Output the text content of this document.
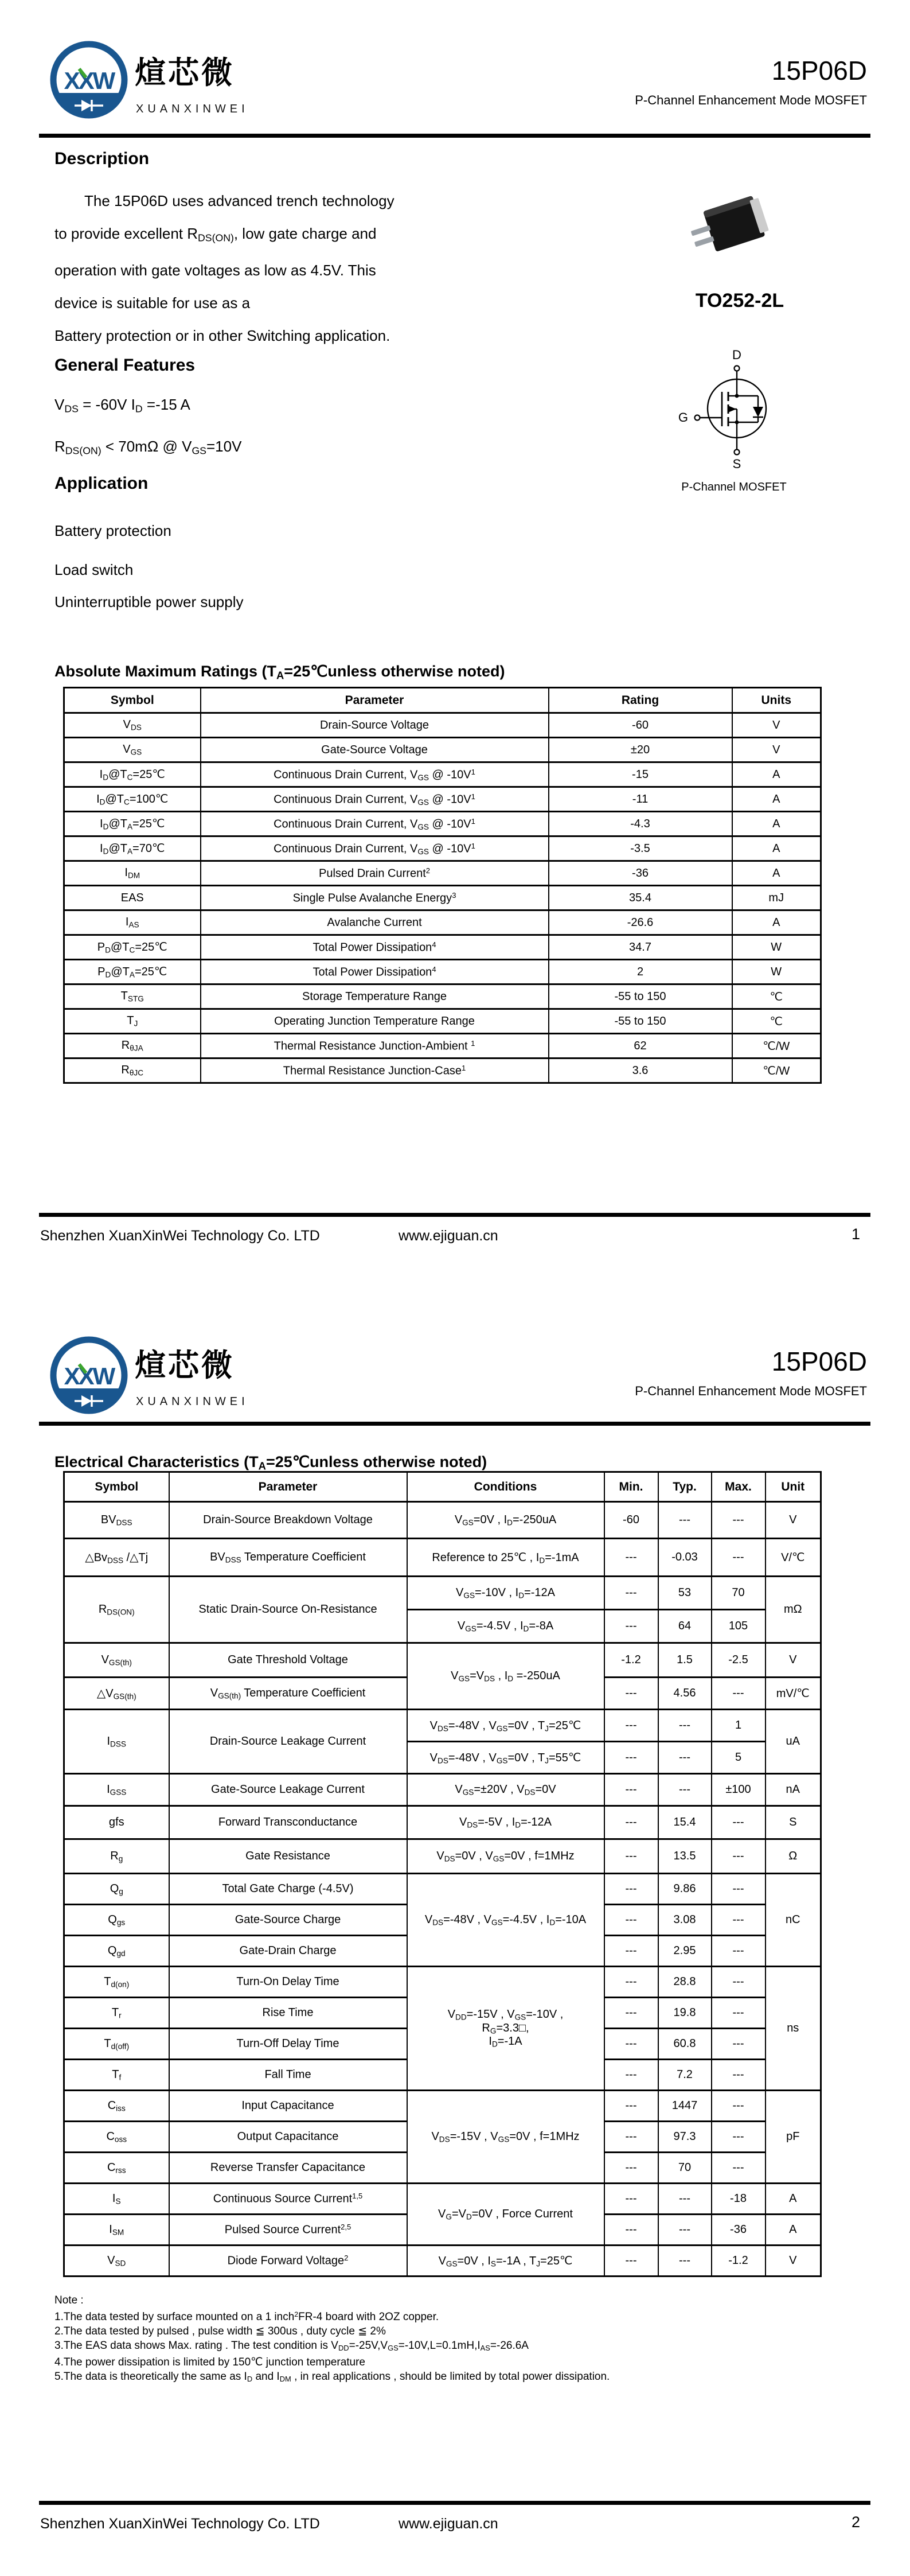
XXW 煊芯微
XUANXINWEI
15P06D
P-Channel Enhancement Mode MOSFET
Description
The 15P06D uses advanced trench technology
to provide excellent $R_{DS(ON)}$, low gate charge and
operation with gate voltages as low as 4.5V. This
device is suitable for use as a
Battery protection or in other Switching application.
TO252-2L
D
G
S
P-Channel MOSFET
General Features
$V_{DS} = -60V$ $I_D =-15$ A
$R_{DS(ON)} < 70m\Omega$ @ $V_{GS}=10V$
Application
Battery protection
Load switch
Uninterruptible power supply
Absolute Maximum Ratings ($T_A=25℃unless$ otherwise noted)
Symbol	Parameter	Rating	Units
$V_{DS}$	Drain-Source Voltage	-60	V
$V_{GS}$	Gate-Source Voltage	±20	V
$I_D@T_C=25℃$	Continuous Drain Current, $V_{GS}$ @ $-10V^1$	-15	A
$I_D@T_C=100℃$	Continuous Drain Current, $V_{GS}$ @ $-10V^1$	-11	A
$I_D@T_A=25℃$	Continuous Drain Current, $V_{GS}$ @ $-10V^1$	-4.3	A
$I_D@T_A=70℃$	Continuous Drain Current, $V_{GS}$ @ $-10V^1$	-3.5	A
$I_{DM}$	Pulsed Drain Current$^2$	-36	A
EAS	Single Pulse Avalanche Energy$^3$	35.4	mJ
$I_{AS}$	Avalanche Current	-26.6	A
$P_D@T_C=25℃$	Total Power Dissipation$^4$	34.7	W
$P_D@T_A=25℃$	Total Power Dissipation$^4$	2	W
$T_{STG}$	Storage Temperature Range	-55 to 150	℃
$T_J$	Operating Junction Temperature Range	-55 to 150	℃
$R_{\theta JA}$	Thermal Resistance Junction-Ambient $^1$	62	℃/W
$R_{\theta JC}$	Thermal Resistance Junction-Case$^1$	3.6	℃/W
Shenzhen XuanXinWei Technology Co. LTD	www.ejiguan.cn	1
XXW 煊芯微
XUANXINWEI
15P06D
P-Channel Enhancement Mode MOSFET
Electrical Characteristics ($T_A=25℃unless$ otherwise noted)
Symbol	Parameter	Conditions	Min.	Typ.	Max.	Unit
$BV_{DSS}$	Drain-Source Breakdown Voltage	$V_{GS}=0V$ , $I_D=-250uA$	-60	---	---	V
$\triangle Bv_{DSS}$ /△Tj	$BV_{DSS}$ Temperature Coefficient	Reference to 25℃ , $I_D=-1mA$	---	-0.03	---	V/℃
$R_{DS(ON)}$	Static Drain-Source On-Resistance	$V_{GS}=-10V$ , $I_D=-12A$	---	53	70	mΩ
		$V_{GS}=-4.5V$ , $I_D=-8A$	---	64	105	
$V_{GS(th)}$	Gate Threshold Voltage	$V_{GS}=V_{DS}$ , $I_D =-250uA$	-1.2	1.5	-2.5	V
$\triangle V_{GS(th)}$	$V_{GS(th)}$ Temperature Coefficient		---	4.56	---	mV/℃
$I_{DSS}$	Drain-Source Leakage Current	$V_{DS}=-48V$ , $V_{GS}=0V$ , $T_J=25℃$	---	---	1	uA
		$V_{DS}=-48V$ , $V_{GS}=0V$ , $T_J=55℃$	---	---	5	
$I_{GSS}$	Gate-Source Leakage Current	$V_{GS}=\pm 20V$ , $V_{DS}=0V$	---	---	±100	nA
gfs	Forward Transconductance	$V_{DS}=-5V$ , $I_D=-12A$	---	15.4	---	S
$R_g$	Gate Resistance	$V_{DS}=0V$ , $V_{GS}=0V$ , f=1MHz	---	13.5	---	Ω
$Q_g$	Total Gate Charge (-4.5V)	$V_{DS}=-48V$ , $V_{GS}=-4.5V$ , $I_D=-10A$	---	9.86	---	nC
$Q_{gs}$	Gate-Source Charge		---	3.08	---	
$Q_{gd}$	Gate-Drain Charge		---	2.95	---	
$T_{d(on)}$	Turn-On Delay Time	$V_{DD}=-15V$ , $V_{GS}=-10V$ ,
$R_G=3.3□$,
$I_D=-1A$	---	28.8	---	ns
$T_r$	Rise Time		---	19.8	---	
$T_{d(off)}$	Turn-Off Delay Time		---	60.8	---	
$T_f$	Fall Time		---	7.2	---	
$C_{iss}$	Input Capacitance	$V_{DS}=-15V$ , $V_{GS}=0V$ , f=1MHz	---	1447	---	pF
$C_{oss}$	Output Capacitance		---	97.3	---	
$C_{rss}$	Reverse Transfer Capacitance		---	70	---	
$I_S$	Continuous Source Current$^{1,5}$	$V_G=V_D=0V$ , Force Current	---	---	-18	A
$I_{SM}$	Pulsed Source Current$^{2,5}$		---	---	-36	A
$V_{SD}$	Diode Forward Voltage$^2$	$V_{GS}=0V$ , $I_S=-1A$ , $T_J=25℃$	---	---	-1.2	V
Note :
1.The data tested by surface mounted on a 1 inch$^2$FR-4 board with 2OZ copper.
2.The data tested by pulsed , pulse width ≦ 300us , duty cycle ≦ 2%
3.The EAS data shows Max. rating . The test condition is $V_{DD}=-25V,V_{GS}=-10V,L=0.1mH,I_{AS}=-26.6A$
4.The power dissipation is limited by 150℃ junction temperature
5.The data is theoretically the same as $I_D$ and $I_{DM}$ , in real applications , should be limited by total power dissipation.
Shenzhen XuanXinWei Technology Co. LTD	www.ejiguan.cn	2
